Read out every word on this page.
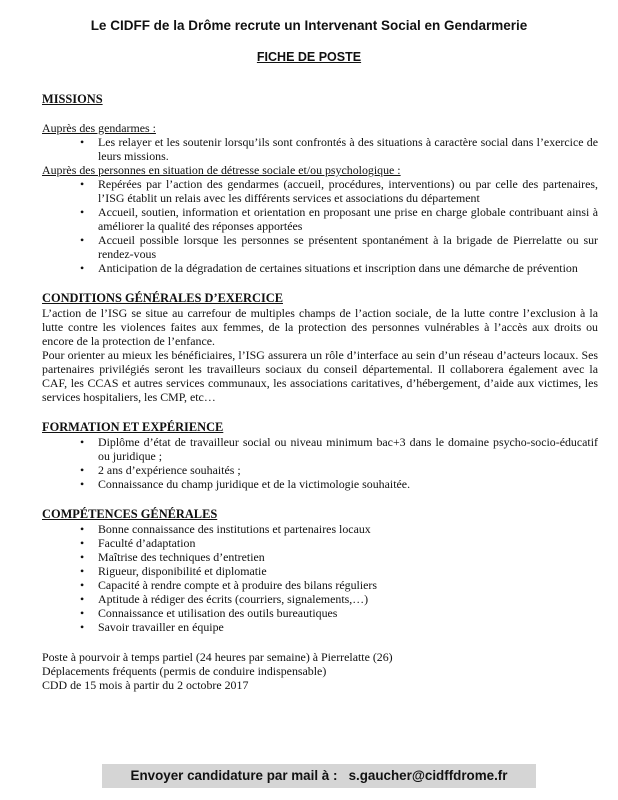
Le CIDFF de la Drôme recrute un Intervenant Social en Gendarmerie
FICHE DE POSTE
MISSIONS
Auprès des gendarmes :
• Les relayer et les soutenir lorsqu’ils sont confrontés à des situations à caractère social dans l’exercice de leurs missions.
Auprès des personnes en situation de détresse sociale et/ou psychologique :
• Repérées par l’action des gendarmes (accueil, procédures, interventions) ou par celle des partenaires, l’ISG établit un relais avec les différents services et associations du département
• Accueil, soutien, information et orientation en proposant une prise en charge globale contribuant ainsi à améliorer la qualité des réponses apportées
• Accueil possible lorsque les personnes se présentent spontanément à la brigade de Pierrelatte ou sur rendez-vous
• Anticipation de la dégradation de certaines situations et inscription dans une démarche de prévention
CONDITIONS GÉNÉRALES D’EXERCICE
L’action de l’ISG se situe au carrefour de multiples champs de l’action sociale, de la lutte contre l’exclusion à la lutte contre les violences faites aux femmes, de la protection des personnes vulnérables à l’accès aux droits ou encore de la protection de l’enfance.
Pour orienter au mieux les bénéficiaires, l’ISG assurera un rôle d’interface au sein d’un réseau d’acteurs locaux. Ses partenaires privilégiés seront les travailleurs sociaux du conseil départemental. Il collaborera également avec la CAF, les CCAS et autres services communaux, les associations caritatives, d’hébergement, d’aide aux victimes, les services hospitaliers, les CMP, etc…
FORMATION ET EXPÉRIENCE
• Diplôme d’état de travailleur social ou niveau minimum bac+3 dans le domaine psycho-socio-éducatif ou juridique ;
• 2 ans d’expérience souhaités ;
• Connaissance du champ juridique et de la victimologie souhaitée.
COMPÉTENCES GÉNÉRALES
• Bonne connaissance des institutions et partenaires locaux
• Faculté d’adaptation
• Maîtrise des techniques d’entretien
• Rigueur, disponibilité et diplomatie
• Capacité à rendre compte et à produire des bilans réguliers
• Aptitude à rédiger des écrits (courriers, signalements,…)
• Connaissance et utilisation des outils bureautiques
• Savoir travailler en équipe
Poste à pourvoir à temps partiel (24 heures par semaine) à Pierrelatte (26)
Déplacements fréquents (permis de conduire indispensable)
CDD de 15 mois à partir du 2 octobre 2017
Envoyer candidature par mail à : s.gaucher@cidffdrome.fr
